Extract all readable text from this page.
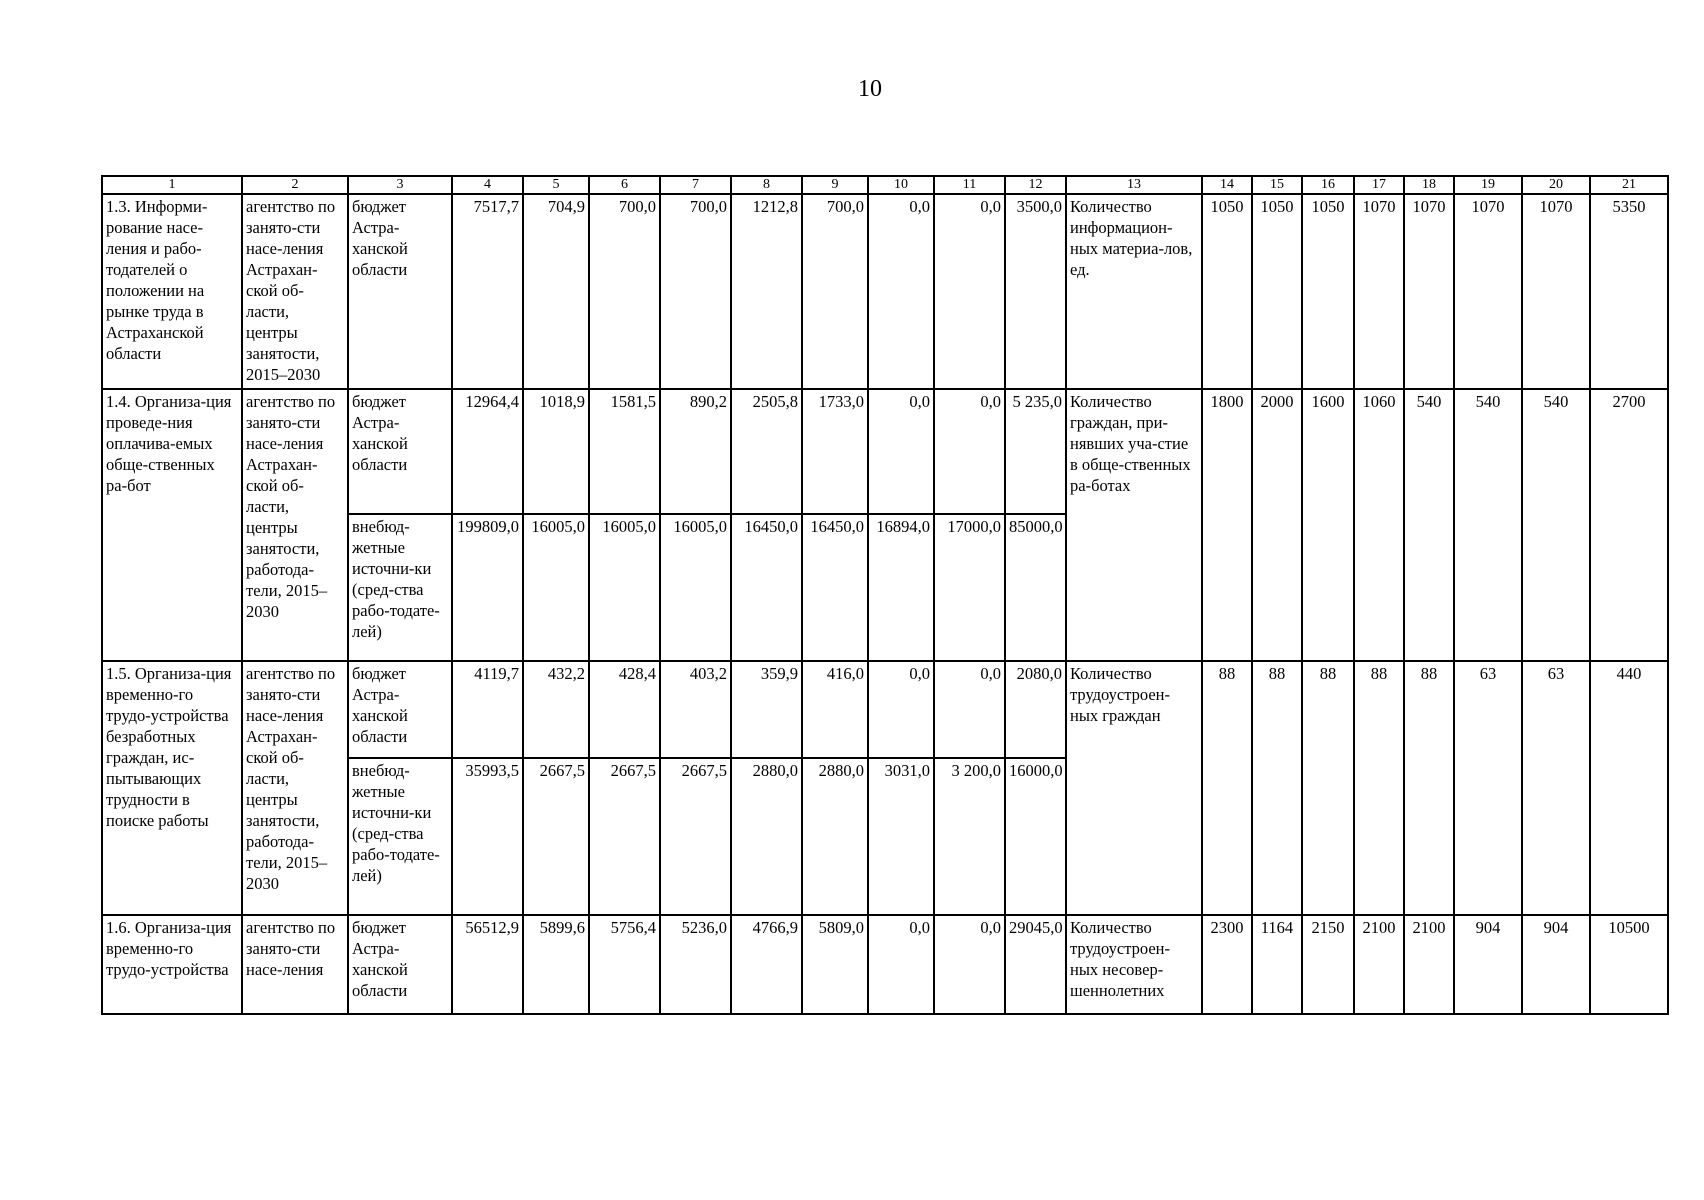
10
1	2	3	4	5	6	7	8	9	10	11	12	13	14	15	16	17	18	19	20	21
1.3. Информи-рование насе-ления и рабо-тодателей о положении на рынке труда в Астраханской области	агентство по занято-сти насе-ления Астрахан-ской об-ласти, центры занятости, 2015–2030	бюджет Астра-ханской области	7517,7	704,9	700,0	700,0	1212,8	700,0	0,0	0,0	3500,0	Количество информацион-ных материа-лов, ед.	1050	1050	1050	1070	1070	1070	1070	5350
1.4. Организа-ция проведе-ния оплачива-емых обще-ственных ра-бот	агентство по занято-сти насе-ления Астрахан-ской об-ласти, центры занятости, работода-тели, 2015–2030	бюджет Астра-ханской области	12964,4	1018,9	1581,5	890,2	2505,8	1733,0	0,0	0,0	5 235,0	Количество граждан, при-нявших уча-стие в обще-ственных ра-ботах	1800	2000	1600	1060	540	540	540	2700
		внебюд-жетные источни-ки (сред-ства рабо-тодате-лей)	199809,0	16005,0	16005,0	16005,0	16450,0	16450,0	16894,0	17000,0	85000,0									
1.5. Организа-ция временно-го трудо-устройства безработных граждан, ис-пытывающих трудности в поиске работы	агентство по занято-сти насе-ления Астрахан-ской об-ласти, центры занятости, работода-тели, 2015–2030	бюджет Астра-ханской области	4119,7	432,2	428,4	403,2	359,9	416,0	0,0	0,0	2080,0	Количество трудоустроен-ных граждан	88	88	88	88	88	63	63	440
		внебюд-жетные источни-ки (сред-ства рабо-тодате-лей)	35993,5	2667,5	2667,5	2667,5	2880,0	2880,0	3031,0	3 200,0	16000,0									
1.6. Организа-ция временно-го трудо-устройства	агентство по занято-сти насе-ления	бюджет Астра-ханской области	56512,9	5899,6	5756,4	5236,0	4766,9	5809,0	0,0	0,0	29045,0	Количество трудоустроен-ных несовер-шеннолетних	2300	1164	2150	2100	2100	904	904	10500
